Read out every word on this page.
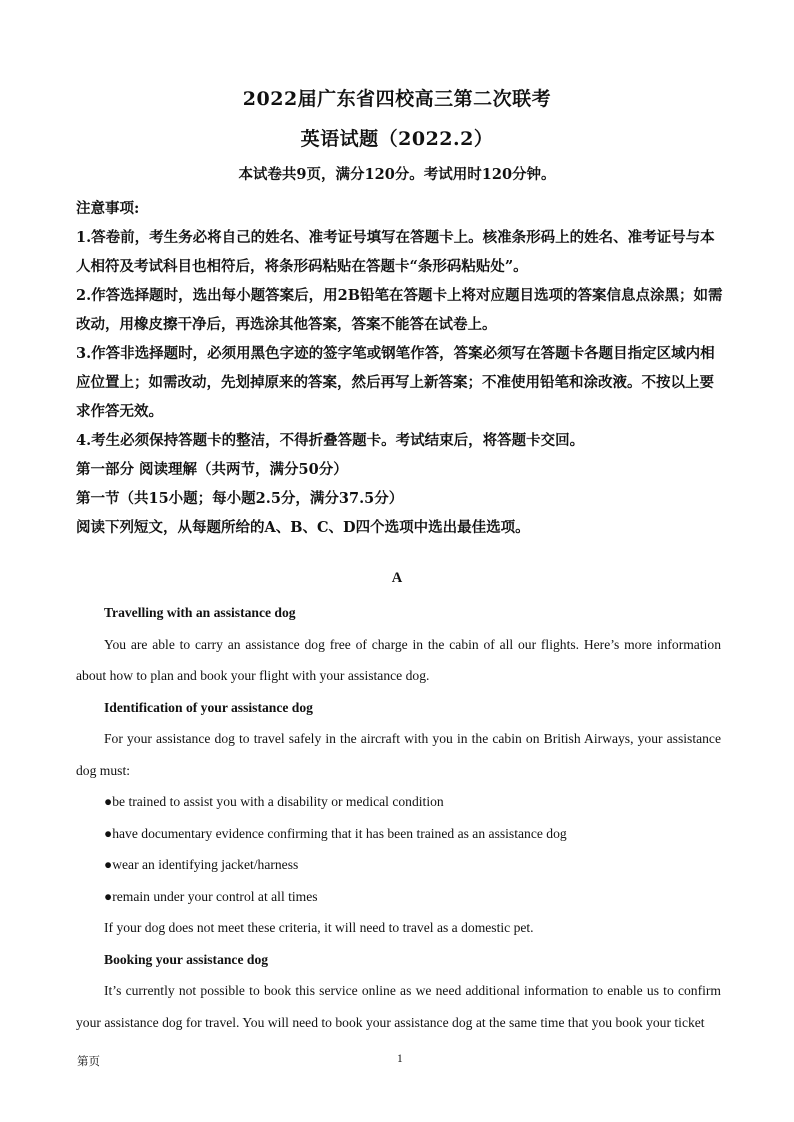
2022届广东省四校高三第二次联考
英语试题（2022.2）
本试卷共9页，满分120分。考试用时120分钟。
注意事项:
1.答卷前，考生务必将自己的姓名、准考证号填写在答题卡上。核准条形码上的姓名、准考证号与本人相符及考试科目也相符后，将条形码粘贴在答题卡“条形码粘贴处”。
2.作答选择题时，选出每小题答案后，用2B铅笔在答题卡上将对应题目选项的答案信息点涂黑；如需改动，用橡皮擦干净后，再选涂其他答案，答案不能答在试卷上。
3.作答非选择题时，必须用黑色字迹的签字笔或钢笔作答，答案必须写在答题卡各题目指定区域内相应位置上；如需改动，先划掉原来的答案，然后再写上新答案；不准使用铅笔和涂改液。不按以上要求作答无效。
4.考生必须保持答题卡的整洁，不得折叠答题卡。考试结束后，将答题卡交回。
第一部分 阅读理解（共两节，满分50分）
第一节（共15小题；每小题2.5分，满分37.5分）
阅读下列短文，从每题所给的A、B、C、D四个选项中选出最佳选项。
A

Travelling with an assistance dog

You are able to carry an assistance dog free of charge in the cabin of all our flights. Here’s more information about how to plan and book your flight with your assistance dog.

Identification of your assistance dog

For your assistance dog to travel safely in the aircraft with you in the cabin on British Airways, your assistance dog must:

●be trained to assist you with a disability or medical condition

●have documentary evidence confirming that it has been trained as an assistance dog

●wear an identifying jacket/harness

●remain under your control at all times

If your dog does not meet these criteria, it will need to travel as a domestic pet.

Booking your assistance dog

It’s currently not possible to book this service online as we need additional information to enable us to confirm your assistance dog for travel. You will need to book your assistance dog at the same time that you book your ticket

第页	1
